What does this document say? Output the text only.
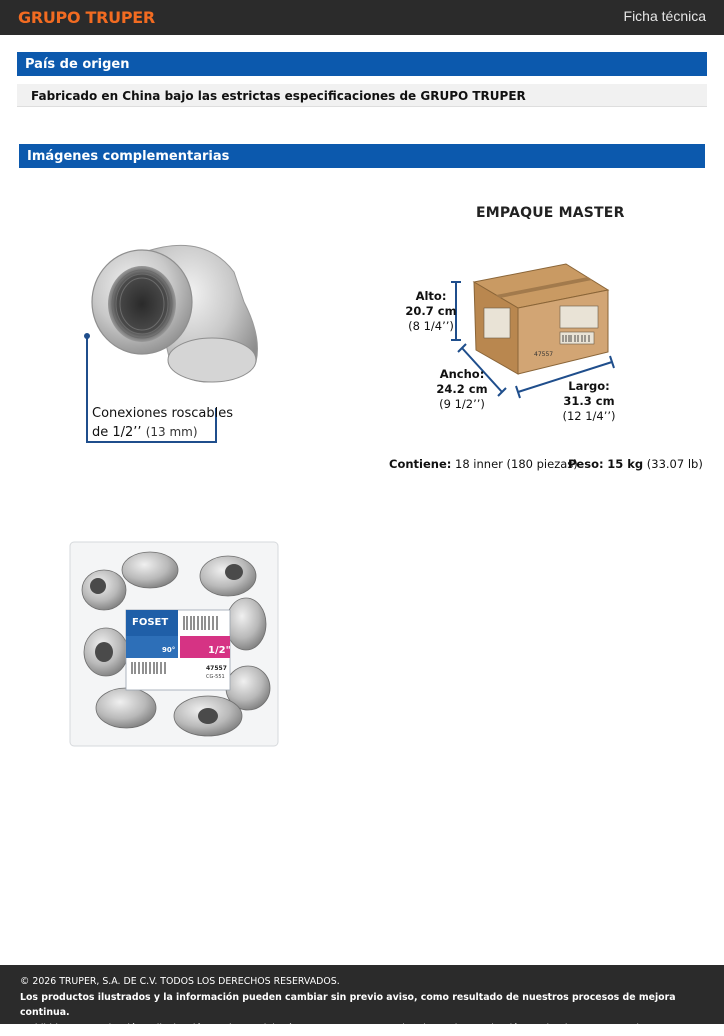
GRUPO TRUPER	Ficha técnica
País de origen
Fabricado en China bajo las estrictas especificaciones de GRUPO TRUPER
Imágenes complementarias
Conexiones roscables
de 1/2’’ (13 mm)
EMPAQUE MASTER
47557
Alto:
20.7 cm
(8 1/4’’)
Ancho:
24.2 cm
(9 1/2’’)
Largo:
31.3 cm
(12 1/4’’)
Contiene: 18 inner (180 piezas)
Peso: 15 kg (33.07 lb)
FOSET
90°	1/2"
47557
CG-551
© 2026 TRUPER, S.A. DE C.V. TODOS LOS DERECHOS RESERVADOS.
Los productos ilustrados y la información pueden cambiar sin previo aviso, como resultado de nuestros procesos de mejora continua.
Prohibida su reproducción o divulgación total o parcial así como su uso o aprovechamiento sin autorización escrita de Truper, S.A. de C.V.
